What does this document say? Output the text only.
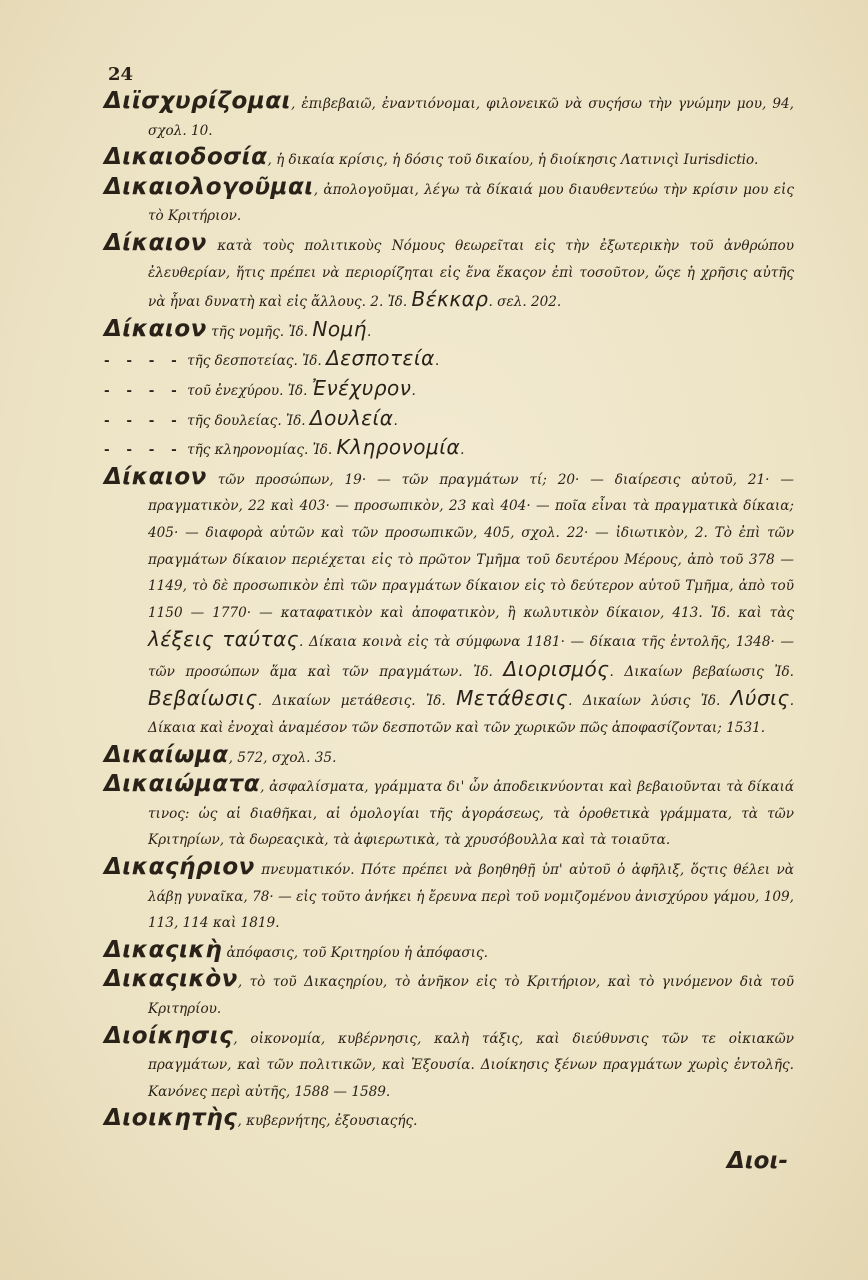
24

Διϊσχυρίζομαι, ἐπιβεβαιῶ, ἐναντιόνομαι, φιλονεικῶ νὰ συςήσω τὴν γνώμην μου, 94, σχολ. 10.

Δικαιοδοσία, ἡ δικαία κρίσις, ἡ δόσις τοῦ δικαίου, ἡ διοίκησις Λατινιςὶ Iurisdictio.

Δικαιολογοῦμαι, ἀπολογοῦμαι, λέγω τὰ δίκαιά μου διαυθεντεύω τὴν κρίσιν μου εἰς τὸ Κριτήριον.

Δίκαιον κατὰ τοὺς πολιτικοὺς Νόμους θεωρεῖται εἰς τὴν ἐξωτερικὴν τοῦ ἀνθρώπου ἐλευθερίαν, ἥτις πρέπει νὰ περιορίζηται εἰς ἕνα ἕκαςον ἐπὶ τοσοῦτον, ὥςε ἡ χρῆσις αὐτῆς νὰ ἦναι δυνατὴ καὶ εἰς ἄλλους. 2. Ἰδ. Βέκκαρ. σελ. 202.

Δίκαιον τῆς νομῆς. Ἰδ. Νομή.

- - - - τῆς δεσποτείας. Ἰδ. Δεσποτεία.

- - - - τοῦ ἐνεχύρου. Ἰδ. Ἐνέχυρον.

- - - - τῆς δουλείας. Ἰδ. Δουλεία.

- - - - τῆς κληρονομίας. Ἰδ. Κληρονομία.

Δίκαιον τῶν προσώπων, 19· — τῶν πραγμάτων τί; 20· — διαίρεσις αὐτοῦ, 21· — πραγματικὸν, 22 καὶ 403· — προσωπικὸν, 23 καὶ 404· — ποῖα εἶναι τὰ πραγματικὰ δίκαια; 405· — διαφορὰ αὐτῶν καὶ τῶν προσωπικῶν, 405, σχολ. 22· — ἰδιωτικὸν, 2. Τὸ ἐπὶ τῶν πραγμάτων δίκαιον περιέχεται εἰς τὸ πρῶτον Τμῆμα τοῦ δευτέρου Μέρους, ἀπὸ τοῦ 378 — 1149, τὸ δὲ προσωπικὸν ἐπὶ τῶν πραγμάτων δίκαιον εἰς τὸ δεύτερον αὐτοῦ Τμῆμα, ἀπὸ τοῦ 1150 — 1770· — καταφατικὸν καὶ ἀποφατικὸν, ἢ κωλυτικὸν δίκαιον, 413. Ἰδ. καὶ τὰς λέξεις ταύτας. Δίκαια κοινὰ εἰς τὰ σύμφωνα 1181· — δίκαια τῆς ἐντολῆς, 1348· — τῶν προσώπων ἅμα καὶ τῶν πραγμάτων. Ἰδ. Διορισμός. Δικαίων βεβαίωσις Ἰδ. Βεβαίωσις. Δικαίων μετάθεσις. Ἰδ. Μετάθεσις. Δικαίων λύσις Ἰδ. Λύσις. Δίκαια καὶ ἐνοχαὶ ἀναμέσον τῶν δεσποτῶν καὶ τῶν χωρικῶν πῶς ἀποφασίζονται; 1531.

Δικαίωμα, 572, σχολ. 35.

Δικαιώματα, ἀσφαλίσματα, γράμματα δι' ὧν ἀποδεικνύονται καὶ βεβαιοῦνται τὰ δίκαιά τινος: ὡς αἱ διαθῆκαι, αἱ ὁμολογίαι τῆς ἀγοράσεως, τὰ ὁροθετικὰ γράμματα, τὰ τῶν Κριτηρίων, τὰ δωρεαςικὰ, τὰ ἀφιερωτικὰ, τὰ χρυσόβουλλα καὶ τὰ τοιαῦτα.

Δικαςήριον πνευματικόν. Πότε πρέπει νὰ βοηθηθῇ ὑπ' αὐτοῦ ὁ ἀφῆλιξ, ὅςτις θέλει νὰ λάβῃ γυναῖκα, 78· — εἰς τοῦτο ἀνήκει ἡ ἔρευνα περὶ τοῦ νομιζομένου ἀνισχύρου γάμου, 109, 113, 114 καὶ 1819.

Δικαςικὴ ἀπόφασις, τοῦ Κριτηρίου ἡ ἀπόφασις.

Δικαςικὸν, τὸ τοῦ Δικαςηρίου, τὸ ἀνῆκον εἰς τὸ Κριτήριον, καὶ τὸ γινόμενον διὰ τοῦ Κριτηρίου.

Διοίκησις, οἰκονομία, κυβέρνησις, καλὴ τάξις, καὶ διεύθυνσις τῶν τε οἰκιακῶν πραγμάτων, καὶ τῶν πολιτικῶν, καὶ Ἐξουσία. Διοίκησις ξένων πραγμάτων χωρὶς ἐντολῆς. Κανόνες περὶ αὐτῆς, 1588 — 1589.

Διοικητὴς, κυβερνήτης, ἐξουσιαςής.

Διοι-
